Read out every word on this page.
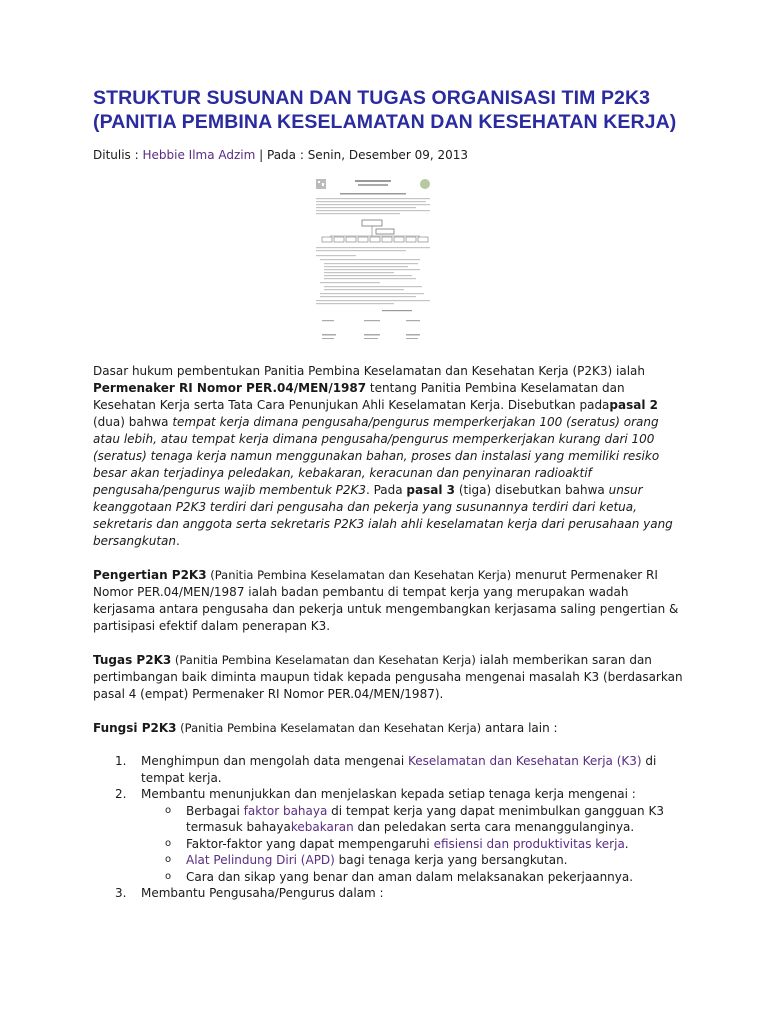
STRUKTUR SUSUNAN DAN TUGAS ORGANISASI TIM P2K3 (PANITIA PEMBINA KESELAMATAN DAN KESEHATAN KERJA)
Ditulis : Hebbie Ilma Adzim | Pada : Senin, Desember 09, 2013

Dasar hukum pembentukan Panitia Pembina Keselamatan dan Kesehatan Kerja (P2K3) ialah Permenaker RI Nomor PER.04/MEN/1987 tentang Panitia Pembina Keselamatan dan Kesehatan Kerja serta Tata Cara Penunjukan Ahli Keselamatan Kerja. Disebutkan padapasal 2 (dua) bahwa tempat kerja dimana pengusaha/pengurus memperkerjakan 100 (seratus) orang atau lebih, atau tempat kerja dimana pengusaha/pengurus memperkerjakan kurang dari 100 (seratus) tenaga kerja namun menggunakan bahan, proses dan instalasi yang memiliki resiko besar akan terjadinya peledakan, kebakaran, keracunan dan penyinaran radioaktif pengusaha/pengurus wajib membentuk P2K3. Pada pasal 3 (tiga) disebutkan bahwa unsur keanggotaan P2K3 terdiri dari pengusaha dan pekerja yang susunannya terdiri dari ketua, sekretaris dan anggota serta sekretaris P2K3 ialah ahli keselamatan kerja dari perusahaan yang bersangkutan.

Pengertian P2K3 (Panitia Pembina Keselamatan dan Kesehatan Kerja) menurut Permenaker RI Nomor PER.04/MEN/1987 ialah badan pembantu di tempat kerja yang merupakan wadah kerjasama antara pengusaha dan pekerja untuk mengembangkan kerjasama saling pengertian & partisipasi efektif dalam penerapan K3.

Tugas P2K3 (Panitia Pembina Keselamatan dan Kesehatan Kerja) ialah memberikan saran dan pertimbangan baik diminta maupun tidak kepada pengusaha mengenai masalah K3 (berdasarkan pasal 4 (empat) Permenaker RI Nomor PER.04/MEN/1987).

Fungsi P2K3 (Panitia Pembina Keselamatan dan Kesehatan Kerja) antara lain :

1. Menghimpun dan mengolah data mengenai Keselamatan dan Kesehatan Kerja (K3) di tempat kerja.
2. Membantu menunjukkan dan menjelaskan kepada setiap tenaga kerja mengenai :
o	Berbagai faktor bahaya di tempat kerja yang dapat menimbulkan gangguan K3 termasuk bahayakebakaran dan peledakan serta cara menanggulanginya.
o	Faktor-faktor yang dapat mempengaruhi efisiensi dan produktivitas kerja.
o	Alat Pelindung Diri (APD) bagi tenaga kerja yang bersangkutan.
o	Cara dan sikap yang benar dan aman dalam melaksanakan pekerjaannya.
3. Membantu Pengusaha/Pengurus dalam :
